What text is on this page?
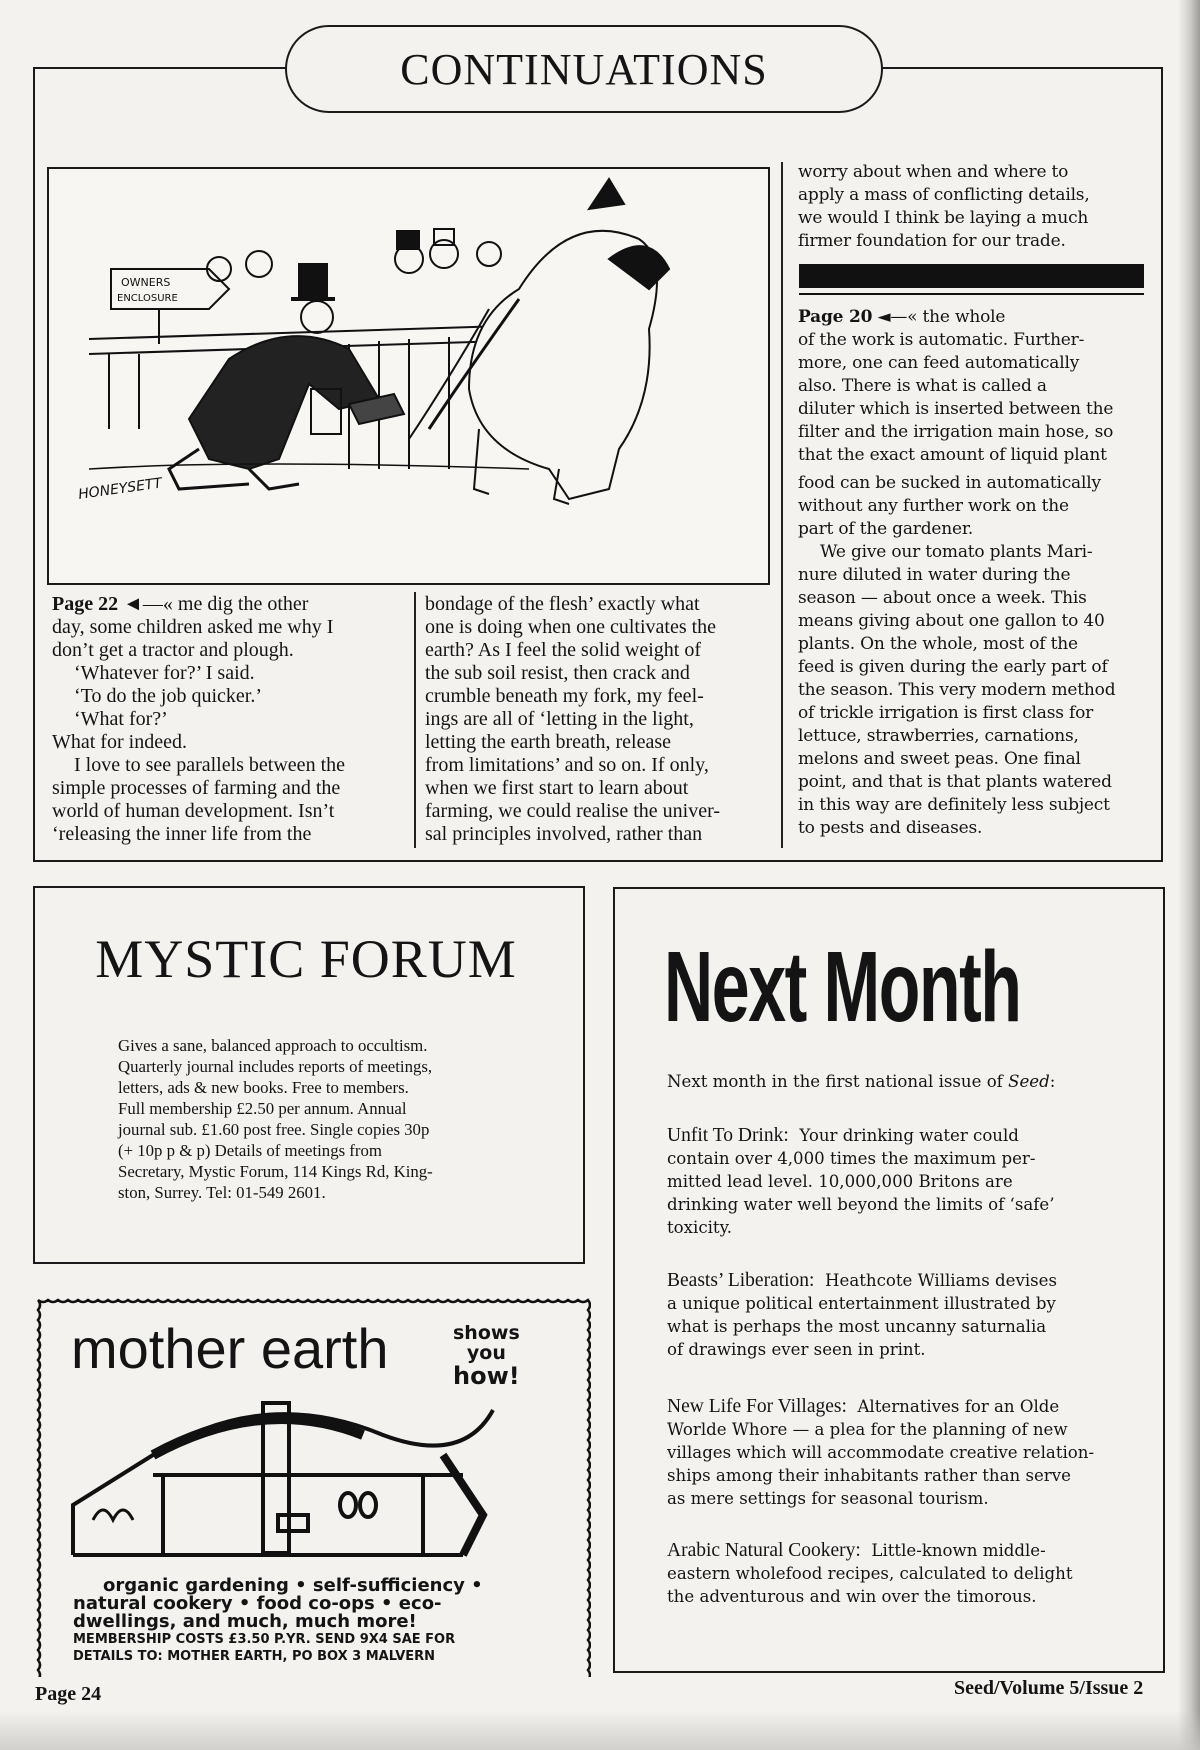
CONTINUATIONS
OWNERS
ENCLOSURE
HONEYSETT
Page 22 ◄—« me dig the other
day, some children asked me why I
don’t get a tractor and plough.
‘Whatever for?’ I said.
‘To do the job quicker.’
‘What for?’
What for indeed.
I love to see parallels between the
simple processes of farming and the
world of human development. Isn’t
‘releasing the inner life from the
bondage of the flesh’ exactly what
one is doing when one cultivates the
earth? As I feel the solid weight of
the sub soil resist, then crack and
crumble beneath my fork, my feel-
ings are all of ‘letting in the light,
letting the earth breath, release
from limitations’ and so on. If only,
when we first start to learn about
farming, we could realise the univer-
sal principles involved, rather than
worry about when and where to
apply a mass of conflicting details,
we would I think be laying a much
firmer foundation for our trade.
Page 20 ◄—« the whole
of the work is automatic. Further-
more, one can feed automatically
also. There is what is called a
diluter which is inserted between the
filter and the irrigation main hose, so
that the exact amount of liquid plant
food can be sucked in automatically
without any further work on the
part of the gardener.
We give our tomato plants Mari-
nure diluted in water during the
season — about once a week. This
means giving about one gallon to 40
plants. On the whole, most of the
feed is given during the early part of
the season. This very modern method
of trickle irrigation is first class for
lettuce, strawberries, carnations,
melons and sweet peas. One final
point, and that is that plants watered
in this way are definitely less subject
to pests and diseases.
MYSTIC FORUM
Gives a sane, balanced approach to occultism.
Quarterly journal includes reports of meetings,
letters, ads & new books. Free to members.
Full membership £2.50 per annum. Annual
journal sub. £1.60 post free. Single copies 30p
(+ 10p p & p) Details of meetings from
Secretary, Mystic Forum, 114 Kings Rd, King-
ston, Surrey. Tel: 01-549 2601.
mother earth	shows
you
how!
organic gardening • self-sufficiency •
natural cookery • food co-ops • eco-
dwellings, and much, much more!
MEMBERSHIP COSTS £3.50 P.YR. SEND 9X4 SAE FOR
DETAILS TO: MOTHER EARTH, PO BOX 3 MALVERN
Next Month
Next month in the first national issue of Seed:
Unfit To Drink: Your drinking water could
contain over 4,000 times the maximum per-
mitted lead level. 10,000,000 Britons are
drinking water well beyond the limits of ‘safe’
toxicity.
Beasts’ Liberation: Heathcote Williams devises
a unique political entertainment illustrated by
what is perhaps the most uncanny saturnalia
of drawings ever seen in print.
New Life For Villages: Alternatives for an Olde
Worlde Whore — a plea for the planning of new
villages which will accommodate creative relation-
ships among their inhabitants rather than serve
as mere settings for seasonal tourism.
Arabic Natural Cookery: Little-known middle-
eastern wholefood recipes, calculated to delight
the adventurous and win over the timorous.
Page 24	Seed/Volume 5/Issue 2
